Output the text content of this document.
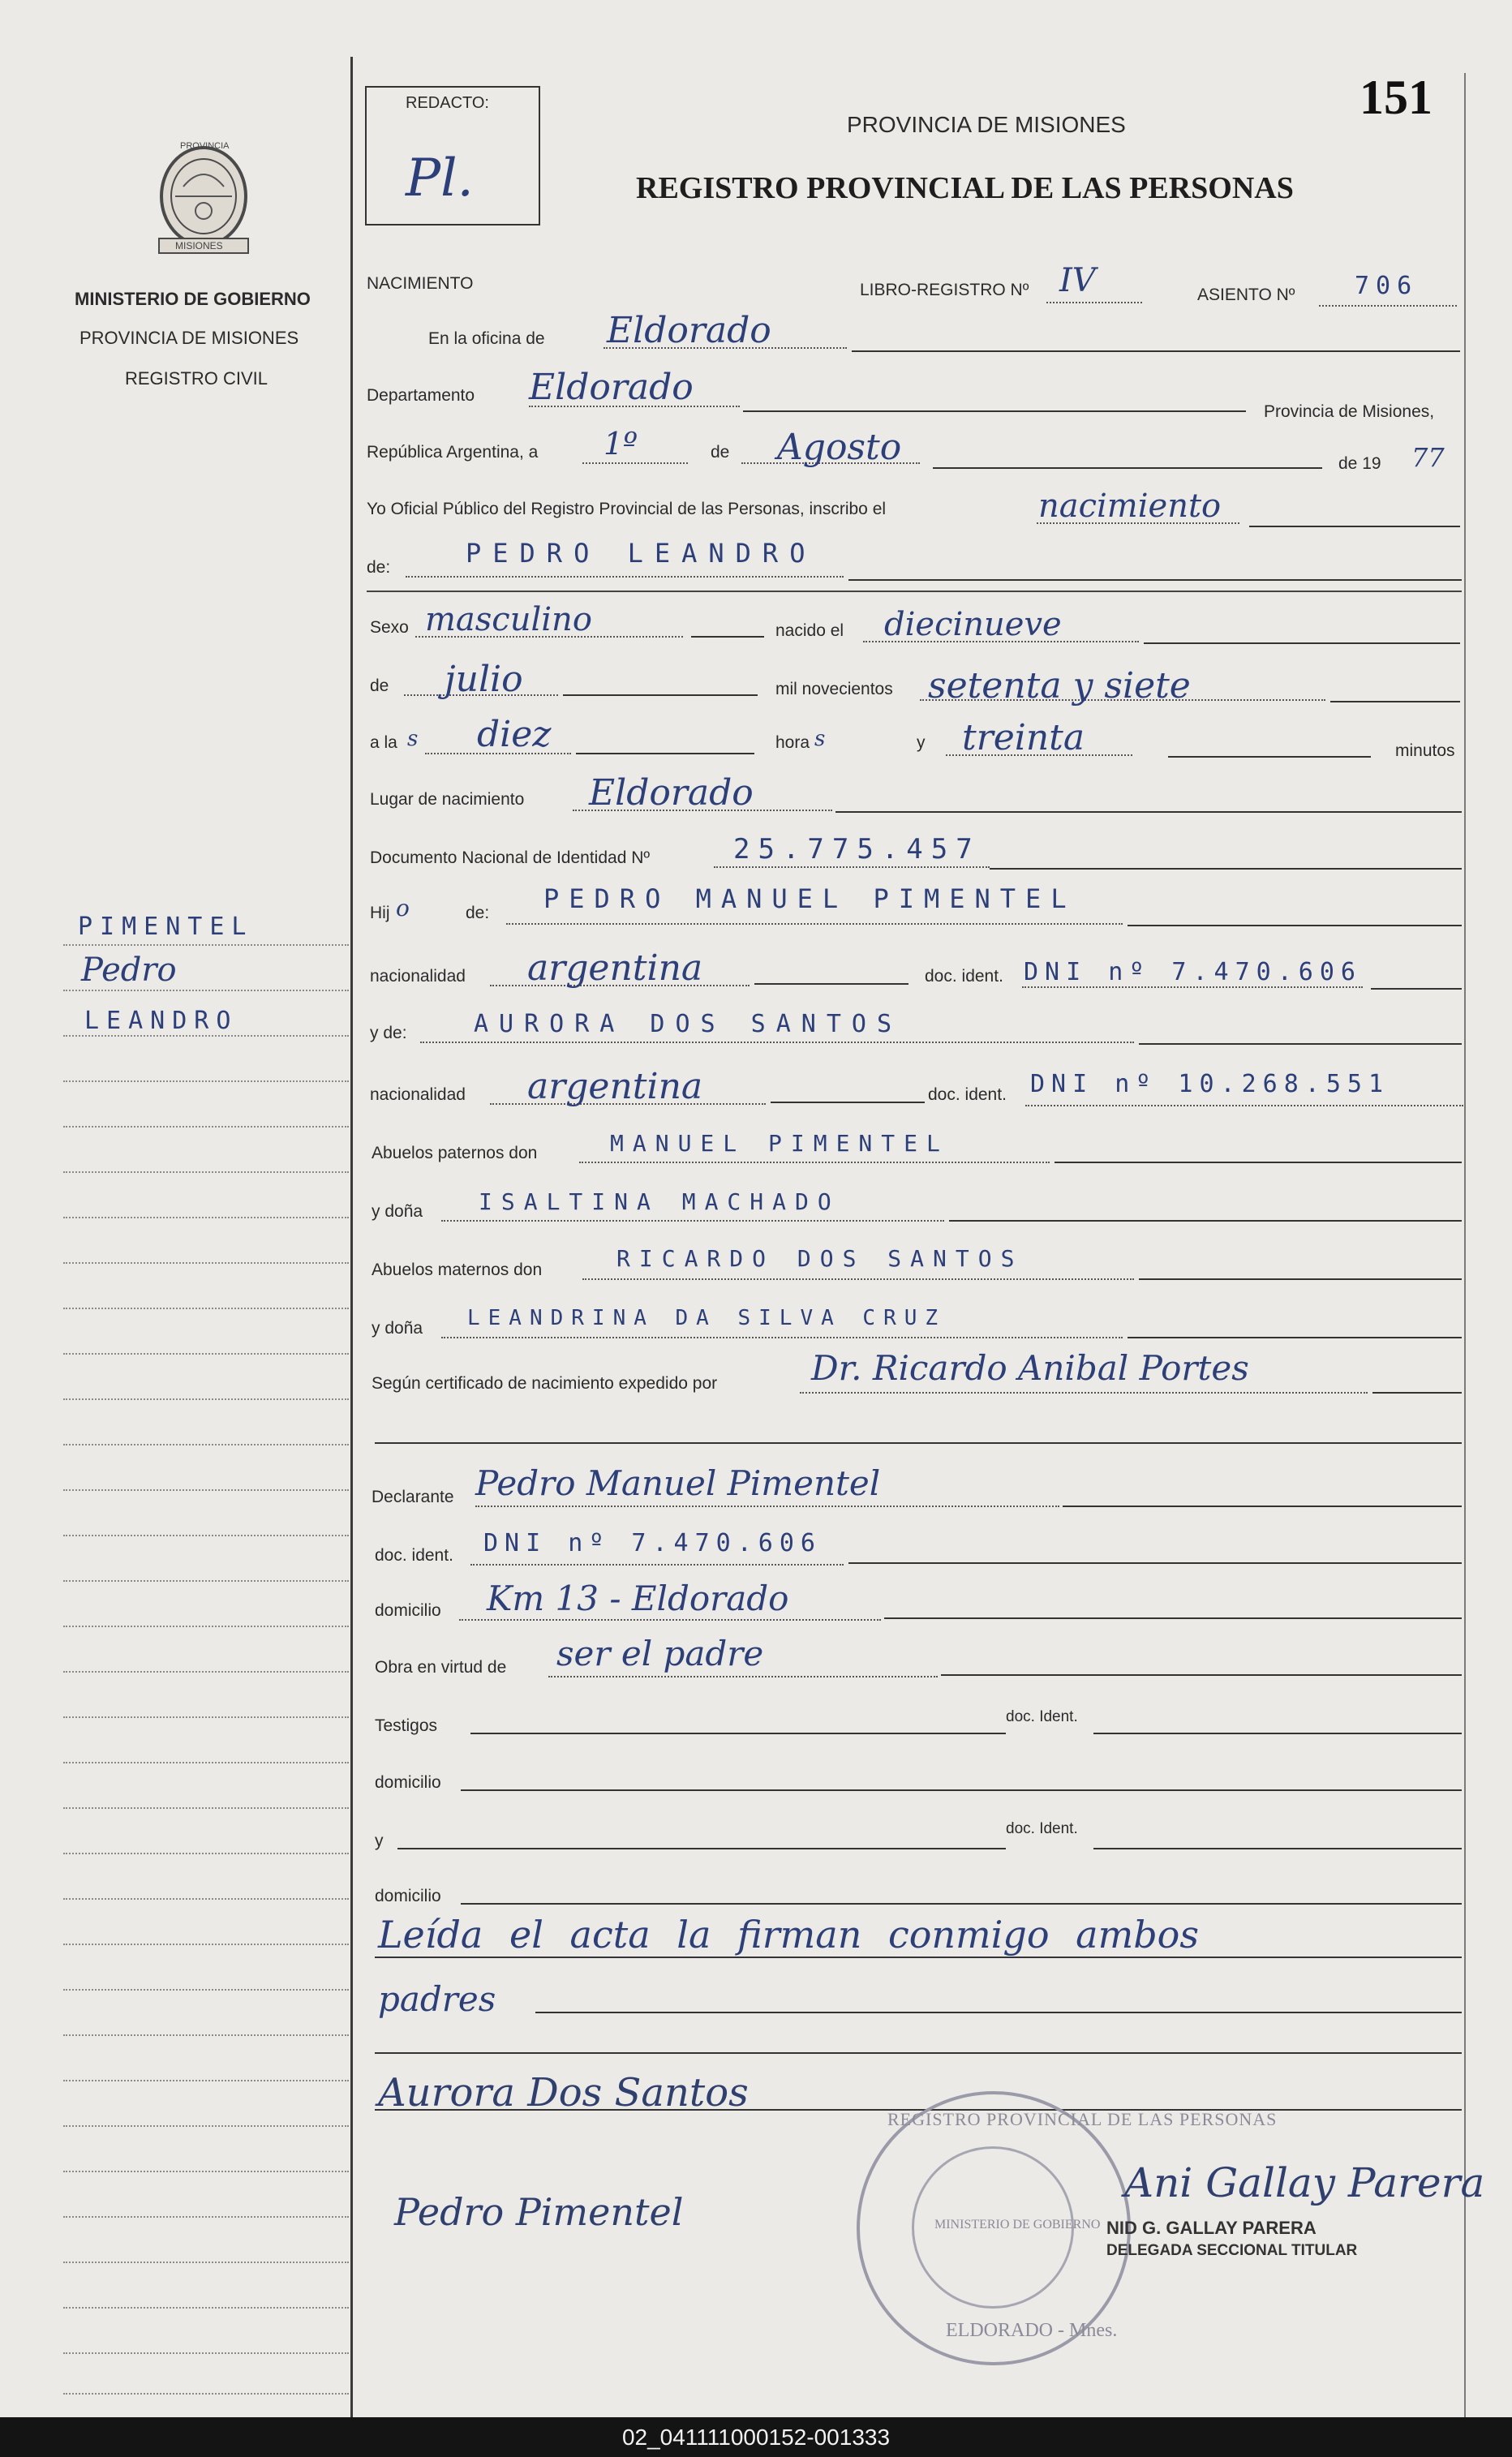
PROVINCIA
MISIONES
MINISTERIO DE GOBIERNO
PROVINCIA DE MISIONES
REGISTRO CIVIL
PIMENTEL
Pedro
LEANDRO
REDACTO:
Pl.
151
PROVINCIA DE MISIONES
REGISTRO PROVINCIAL DE LAS PERSONAS
NACIMIENTO	LIBRO-REGISTRO Nº IV	ASIENTO Nº 706
En la oficina de Eldorado
Departamento Eldorado
Provincia de Misiones,
República Argentina, a 1º	de Agosto	de 19 77
Yo Oficial Público del Registro Provincial de las Personas, inscribo el	nacimiento
de:	PEDRO LEANDRO
Sexo masculino	nacido el diecinueve
de julio	mil novecientos setenta y siete
a la s diez	hora s	y treinta	minutos
Lugar de nacimiento Eldorado
Documento Nacional de Identidad Nº	25.775.457
Hij o	de: PEDRO MANUEL PIMENTEL
nacionalidad argentina	doc. ident. DNI nº 7.470.606
y de:	AURORA DOS SANTOS
nacionalidad argentina	doc. ident. DNI nº 10.268.551
Abuelos paternos don	MANUEL PIMENTEL
y doña ISALTINA MACHADO
Abuelos maternos don	RICARDO DOS SANTOS
y doña LEANDRINA DA SILVA CRUZ
Según certificado de nacimiento expedido por	Dr. Ricardo Anibal Portes
Declarante Pedro Manuel Pimentel
doc. ident. DNI nº 7.470.606
domicilio Km 13 - Eldorado
Obra en virtud de ser el padre
Testigos	doc. Ident.
domicilio
y
doc. Ident.
domicilio
Leída el acta la firman conmigo ambos
padres
Aurora Dos Santos
Pedro Pimentel
REGISTRO PROVINCIAL DE LAS PERSONAS
ELDORADO - Mnes.
MINISTERIO DE GOBIERNO
Ani Gallay Parera
NID G. GALLAY PARERA
DELEGADA SECCIONAL TITULAR
02_041111000152-001333
